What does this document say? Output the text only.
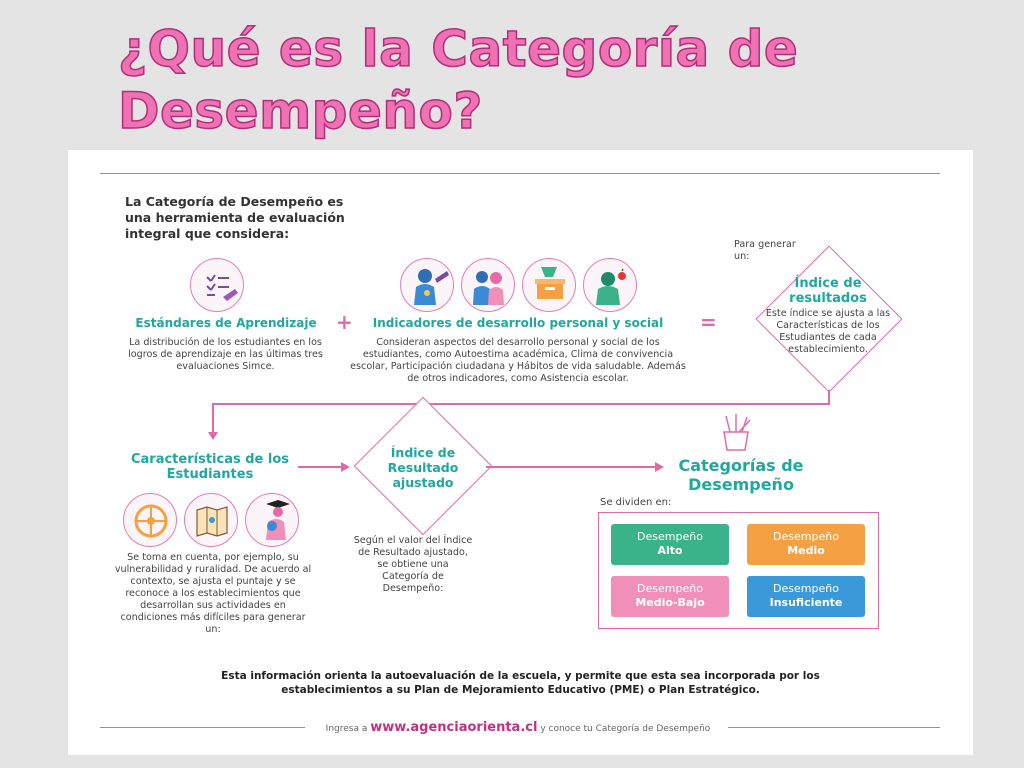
¿Qué es la Categoría de Desempeño?
La Categoría de Desempeño es una herramienta de evaluación integral que considera:
Estándares de Aprendizaje +	Indicadores de desarrollo personal y social =
La distribución de los estudiantes en los logros de aprendizaje en las últimas tres evaluaciones Simce.
Consideran aspectos del desarrollo personal y social de los estudiantes, como Autoestima académica, Clima de convivencia escolar, Participación ciudadana y Hábitos de vida saludable. Además de otros indicadores, como Asistencia escolar.
Para generar un:
Índice de resultados
Este índice se ajusta a las Características de los Estudiantes de cada establecimiento.
Características de los Estudiantes
Se toma en cuenta, por ejemplo, su vulnerabilidad y ruralidad. De acuerdo al contexto, se ajusta el puntaje y se reconoce a los establecimientos que desarrollan sus actividades en condiciones más difíciles para generar un:
Índice de Resultado ajustado
Según el valor del Índice de Resultado ajustado, se obtiene una Categoría de Desempeño:
Categorías de Desempeño
Se dividen en:
Desempeño
Alto
Desempeño
Medio
Desempeño
Medio-Bajo
Desempeño
Insuficiente
Esta información orienta la autoevaluación de la escuela, y permite que esta sea incorporada por los establecimientos a su Plan de Mejoramiento Educativo (PME) o Plan Estratégico.
Ingresa a www.agenciaorienta.cl y conoce tu Categoría de Desempeño
